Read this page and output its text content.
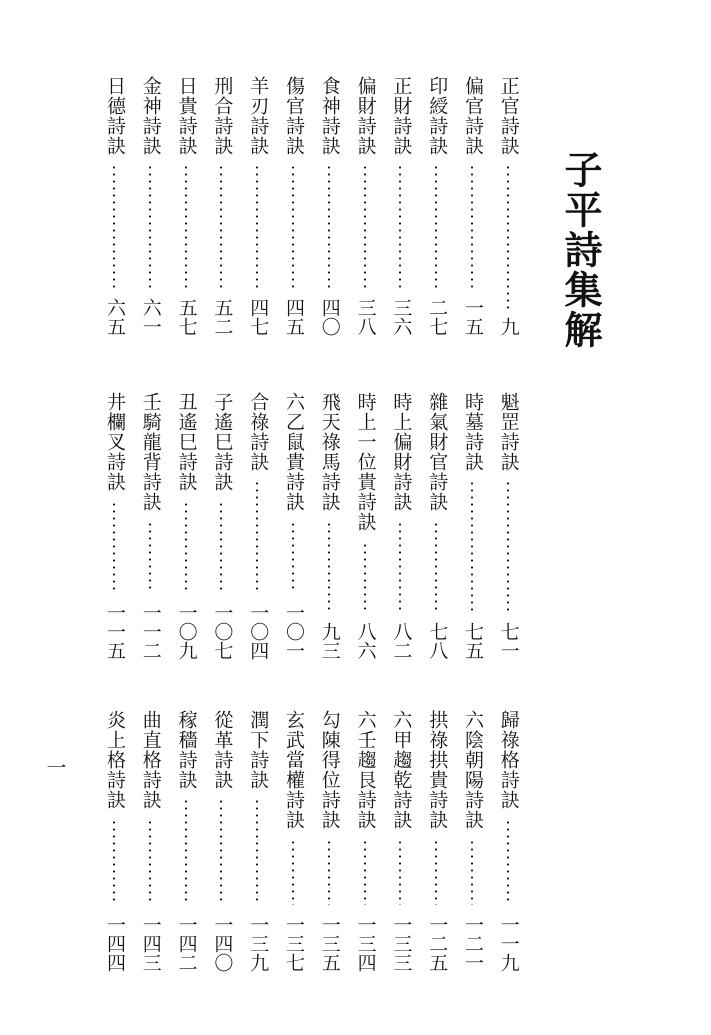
子平詩集解
正官詩訣
九
偏官詩訣
一五
印綬詩訣
二七
正財詩訣
三六
偏財詩訣
三八
食神詩訣
四〇
傷官詩訣
四五
羊刃詩訣
四七
刑合詩訣
五二
日貴詩訣
五七
金神詩訣
六一
日德詩訣
六五
魁罡詩訣
七一
時墓詩訣
七五
雜氣財官詩訣
七八
時上偏財詩訣
八二
時上一位貴詩訣
八六
飛天祿馬詩訣
九三
六乙鼠貴詩訣
一〇一
合祿詩訣
一〇四
子遙巳詩訣
一〇七
丑遙巳詩訣
一〇九
壬騎龍背詩訣
一一二
井欄叉詩訣
一一五
歸祿格詩訣
一一九
六陰朝陽詩訣
一二一
拱祿拱貴詩訣
一二五
六甲趨乾詩訣
一三三
六壬趨艮詩訣
一三四
勾陳得位詩訣
一三五
玄武當權詩訣
一三七
潤下詩訣
一三九
從革詩訣
一四〇
稼穡詩訣
一四二
曲直格詩訣
一四三
炎上格詩訣
一四四
一
